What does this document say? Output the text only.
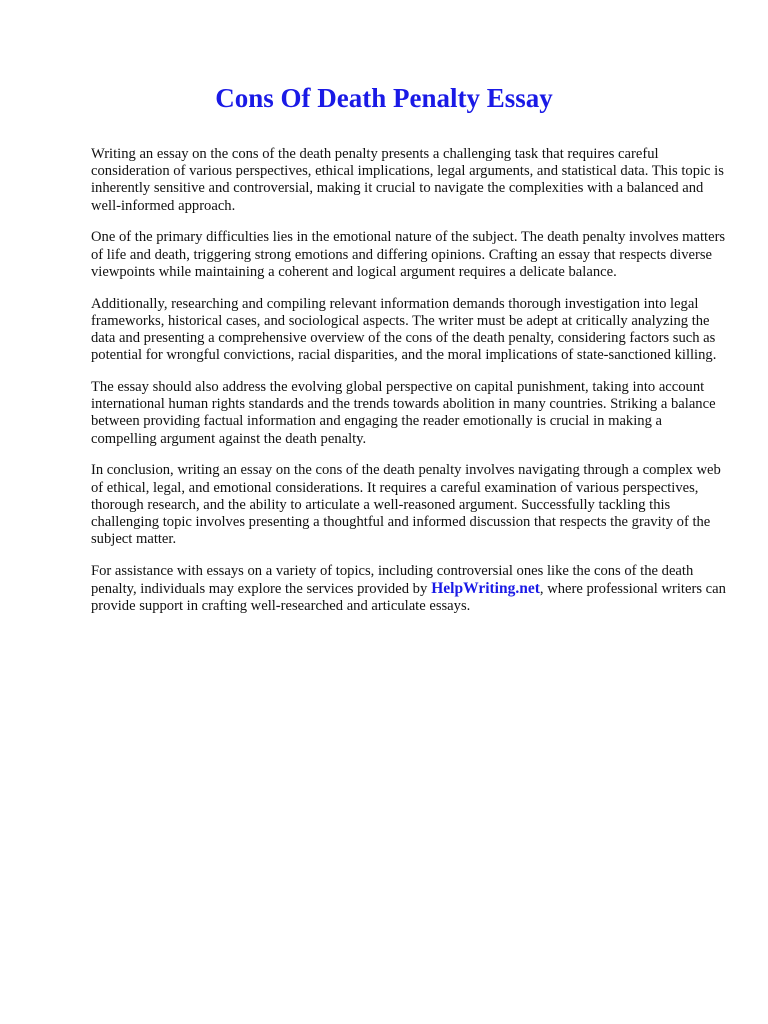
Cons Of Death Penalty Essay

Writing an essay on the cons of the death penalty presents a challenging task that requires careful consideration of various perspectives, ethical implications, legal arguments, and statistical data. This topic is inherently sensitive and controversial, making it crucial to navigate the complexities with a balanced and well-informed approach.

One of the primary difficulties lies in the emotional nature of the subject. The death penalty involves matters of life and death, triggering strong emotions and differing opinions. Crafting an essay that respects diverse viewpoints while maintaining a coherent and logical argument requires a delicate balance.

Additionally, researching and compiling relevant information demands thorough investigation into legal frameworks, historical cases, and sociological aspects. The writer must be adept at critically analyzing the data and presenting a comprehensive overview of the cons of the death penalty, considering factors such as potential for wrongful convictions, racial disparities, and the moral implications of state-sanctioned killing.

The essay should also address the evolving global perspective on capital punishment, taking into account international human rights standards and the trends towards abolition in many countries. Striking a balance between providing factual information and engaging the reader emotionally is crucial in making a compelling argument against the death penalty.

In conclusion, writing an essay on the cons of the death penalty involves navigating through a complex web of ethical, legal, and emotional considerations. It requires a careful examination of various perspectives, thorough research, and the ability to articulate a well-reasoned argument. Successfully tackling this challenging topic involves presenting a thoughtful and informed discussion that respects the gravity of the subject matter.

For assistance with essays on a variety of topics, including controversial ones like the cons of the death penalty, individuals may explore the services provided by HelpWriting.net, where professional writers can provide support in crafting well-researched and articulate essays.
